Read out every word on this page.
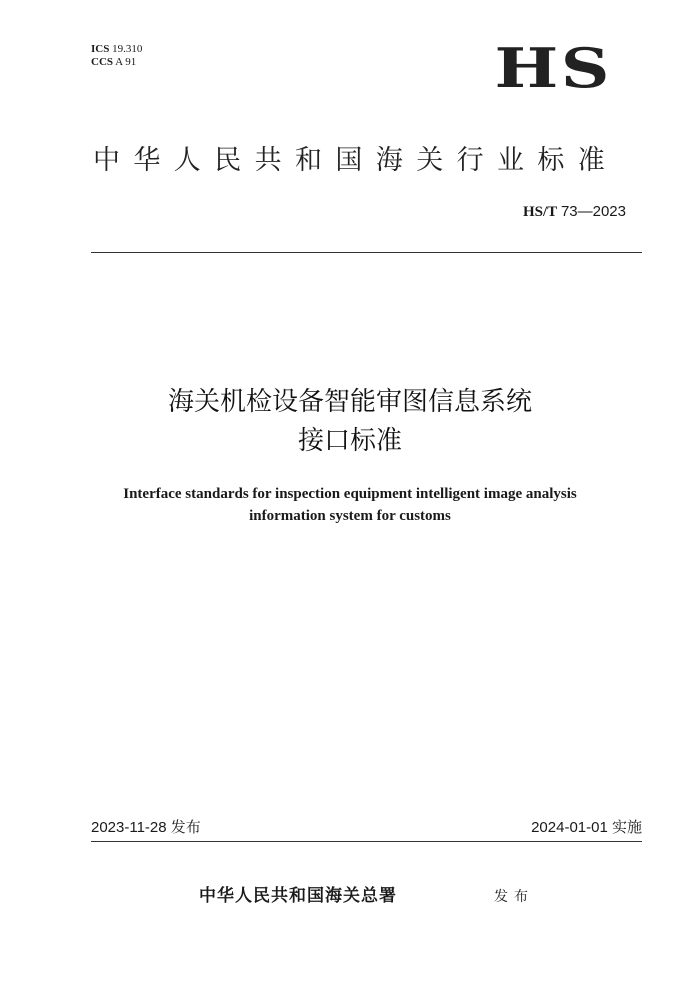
ICS 19.310
CCS A 91	HS
中华人民共和国海关行业标准
HS/T 73—2023
海关机检设备智能审图信息系统
接口标准
Interface standards for inspection equipment intelligent image analysis
information system for customs
2023-11-28 发布	2024-01-01 实施
中华人民共和国海关总署	发布
